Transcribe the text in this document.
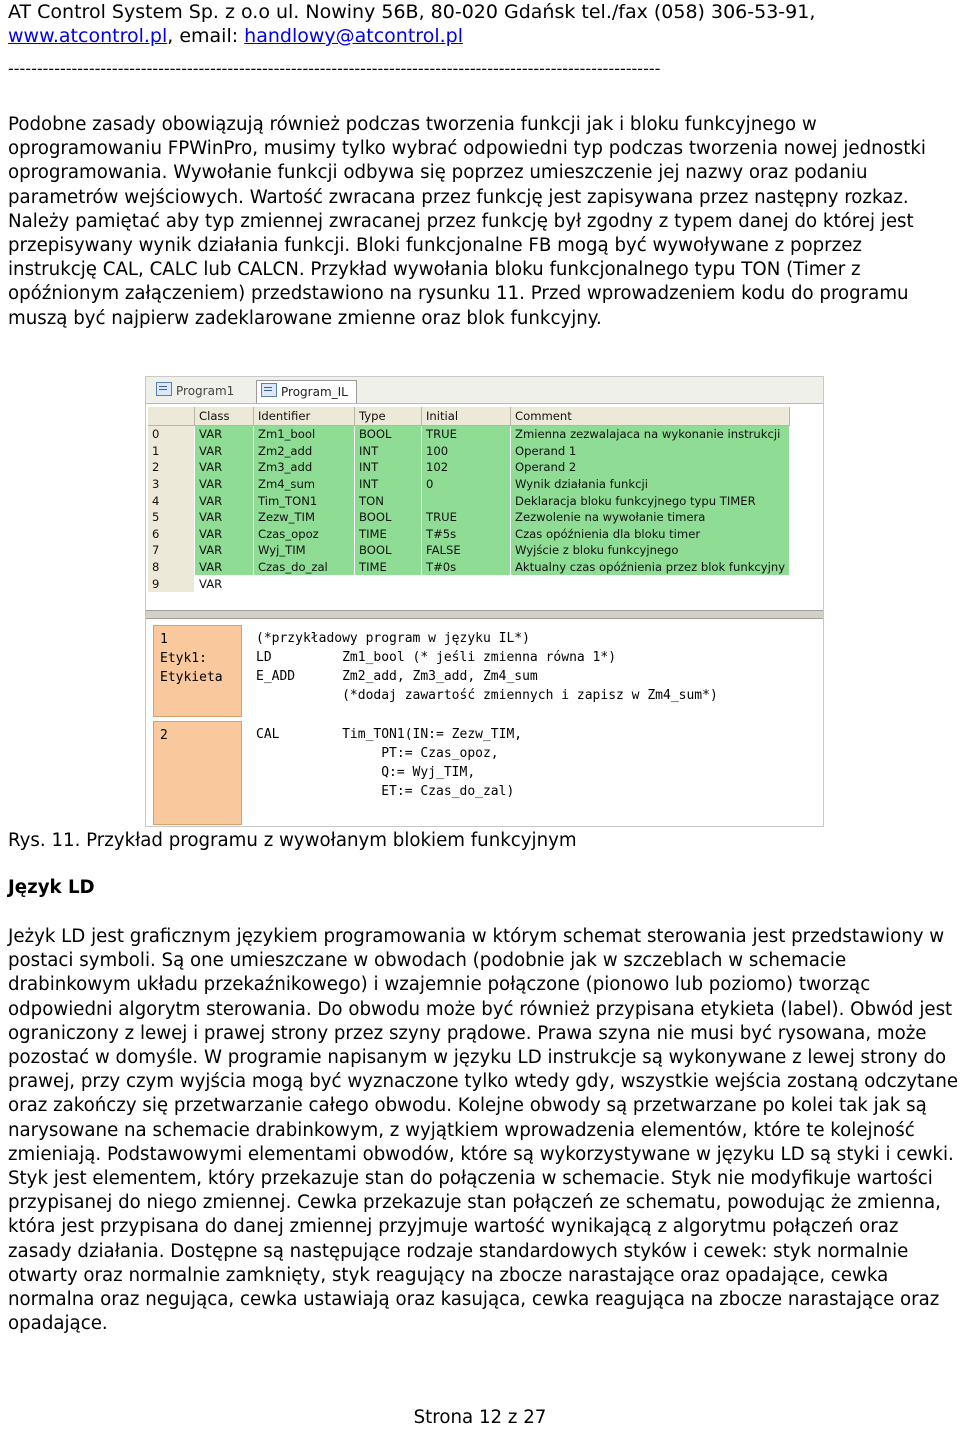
AT Control System Sp. z o.o ul. Nowiny 56B, 80-020 Gdańsk tel./fax (058) 306-53-91,
www.atcontrol.pl, email: handlowy@atcontrol.pl
-----------------------------------------------------------------------------------------------------------------
Podobne zasady obowiązują również podczas tworzenia funkcji jak i bloku funkcyjnego w oprogramowaniu FPWinPro, musimy tylko wybrać odpowiedni typ podczas tworzenia nowej jednostki oprogramowania. Wywołanie funkcji odbywa się poprzez umieszczenie jej nazwy oraz podaniu parametrów wejściowych. Wartość zwracana przez funkcję jest zapisywana przez następny rozkaz. Należy pamiętać aby typ zmiennej zwracanej przez funkcję był zgodny z typem danej do której jest przepisywany wynik działania funkcji. Bloki funkcjonalne FB mogą być wywoływane z poprzez instrukcję CAL, CALC lub CALCN. Przykład wywołania bloku funkcjonalnego typu TON (Timer z opóźnionym załączeniem) przedstawiono na rysunku 11. Przed wprowadzeniem kodu do programu muszą być najpierw zadeklarowane zmienne oraz blok funkcyjny.
Program1	Program_IL
	Class	Identifier	Type	Initial	Comment
0	VAR	Zm1_bool	BOOL	TRUE	Zmienna zezwalajaca na wykonanie instrukcji
1	VAR	Zm2_add	INT	100	Operand 1
2	VAR	Zm3_add	INT	102	Operand 2
3	VAR	Zm4_sum	INT	0	Wynik działania funkcji
4	VAR	Tim_TON1	TON		Deklaracja bloku funkcyjnego typu TIMER
5	VAR	Zezw_TIM	BOOL	TRUE	Zezwolenie na wywołanie timera
6	VAR	Czas_opoz	TIME	T#5s	Czas opóźnienia dla bloku timer
7	VAR	Wyj_TIM	BOOL	FALSE	Wyjście z bloku funkcyjnego
8	VAR	Czas_do_zal	TIME	T#0s	Aktualny czas opóźnienia przez blok funkcyjny
9	VAR				
1
Etyk1:
Etykieta
(*przykładowy program w języku IL*)
LD         Zm1_bool (* jeśli zmienna równa 1*)
E_ADD      Zm2_add, Zm3_add, Zm4_sum
(*dodaj zawartość zmiennych i zapisz w Zm4_sum*)
2	CAL        Tim_TON1(IN:= Zezw_TIM,
PT:= Czas_opoz,
Q:= Wyj_TIM,
ET:= Czas_do_zal)
Rys. 11. Przykład programu z wywołanym blokiem funkcyjnym
Język LD
Jeżyk LD jest graficznym językiem programowania w którym schemat sterowania jest przedstawiony w postaci symboli. Są one umieszczane w obwodach (podobnie jak w szczeblach w schemacie drabinkowym układu przekaźnikowego) i wzajemnie połączone (pionowo lub poziomo) tworząc odpowiedni algorytm sterowania. Do obwodu może być również przypisana etykieta (label). Obwód jest ograniczony z lewej i prawej strony przez szyny prądowe. Prawa szyna nie musi być rysowana, może pozostać w domyśle. W programie napisanym w języku LD instrukcje są wykonywane z lewej strony do prawej, przy czym wyjścia mogą być wyznaczone tylko wtedy gdy, wszystkie wejścia zostaną odczytane oraz zakończy się przetwarzanie całego obwodu. Kolejne obwody są przetwarzane po kolei tak jak są narysowane na schemacie drabinkowym, z wyjątkiem wprowadzenia elementów, które te kolejność zmieniają. Podstawowymi elementami obwodów, które są wykorzystywane w języku LD są styki i cewki. Styk jest elementem, który przekazuje stan do połączenia w schemacie. Styk nie modyfikuje wartości przypisanej do niego zmiennej. Cewka przekazuje stan połączeń ze schematu, powodując że zmienna, która jest przypisana do danej zmiennej przyjmuje wartość wynikającą z algorytmu połączeń oraz zasady działania. Dostępne są następujące rodzaje standardowych styków i cewek: styk normalnie otwarty oraz normalnie zamknięty, styk reagujący na zbocze narastające oraz opadające, cewka normalna oraz negująca, cewka ustawiają oraz kasująca, cewka reagująca na zbocze narastające oraz opadające.
Strona 12 z 27
